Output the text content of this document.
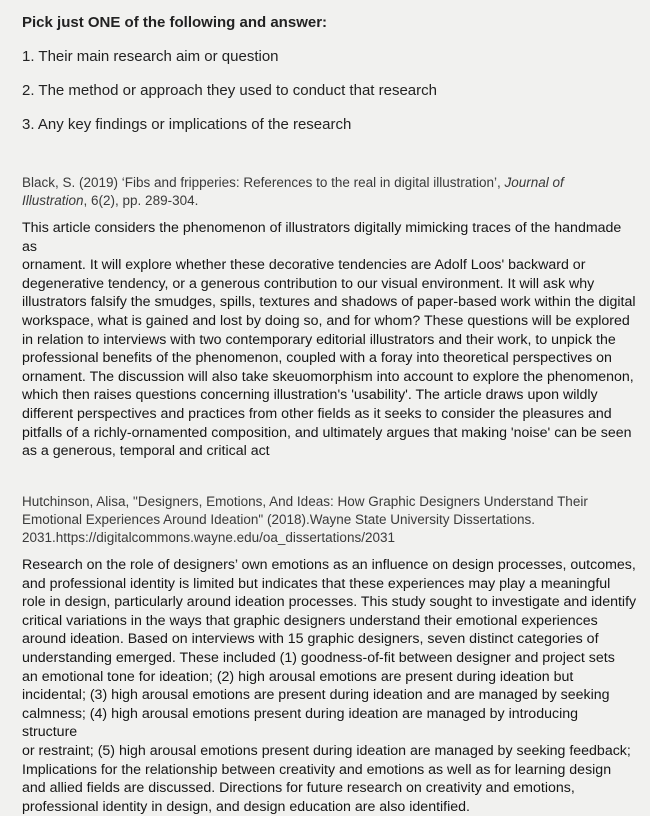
Pick just ONE of the following and answer:
1. Their main research aim or question
2. The method or approach they used to conduct that research
3. Any key findings or implications of the research
Black, S. (2019) ‘Fibs and fripperies: References to the real in digital illustration’, Journal of
Illustration, 6(2), pp. 289-304.
This article considers the phenomenon of illustrators digitally mimicking traces of the handmade as
ornament. It will explore whether these decorative tendencies are Adolf Loos' backward or
degenerative tendency, or a generous contribution to our visual environment. It will ask why
illustrators falsify the smudges, spills, textures and shadows of paper-based work within the digital
workspace, what is gained and lost by doing so, and for whom? These questions will be explored
in relation to interviews with two contemporary editorial illustrators and their work, to unpick the
professional benefits of the phenomenon, coupled with a foray into theoretical perspectives on
ornament. The discussion will also take skeuomorphism into account to explore the phenomenon,
which then raises questions concerning illustration's 'usability'. The article draws upon wildly
different perspectives and practices from other fields as it seeks to consider the pleasures and
pitfalls of a richly-ornamented composition, and ultimately argues that making 'noise' can be seen
as a generous, temporal and critical act
Hutchinson, Alisa, "Designers, Emotions, And Ideas: How Graphic Designers Understand Their
Emotional Experiences Around Ideation" (2018).Wayne State University Dissertations.
2031.https://digitalcommons.wayne.edu/oa_dissertations/2031
Research on the role of designers’ own emotions as an influence on design processes, outcomes,
and professional identity is limited but indicates that these experiences may play a meaningful
role in design, particularly around ideation processes. This study sought to investigate and identify
critical variations in the ways that graphic designers understand their emotional experiences
around ideation. Based on interviews with 15 graphic designers, seven distinct categories of
understanding emerged. These included (1) goodness-of-fit between designer and project sets
an emotional tone for ideation; (2) high arousal emotions are present during ideation but
incidental; (3) high arousal emotions are present during ideation and are managed by seeking
calmness; (4) high arousal emotions present during ideation are managed by introducing structure
or restraint; (5) high arousal emotions present during ideation are managed by seeking feedback;
Implications for the relationship between creativity and emotions as well as for learning design
and allied fields are discussed. Directions for future research on creativity and emotions,
professional identity in design, and design education are also identified.
